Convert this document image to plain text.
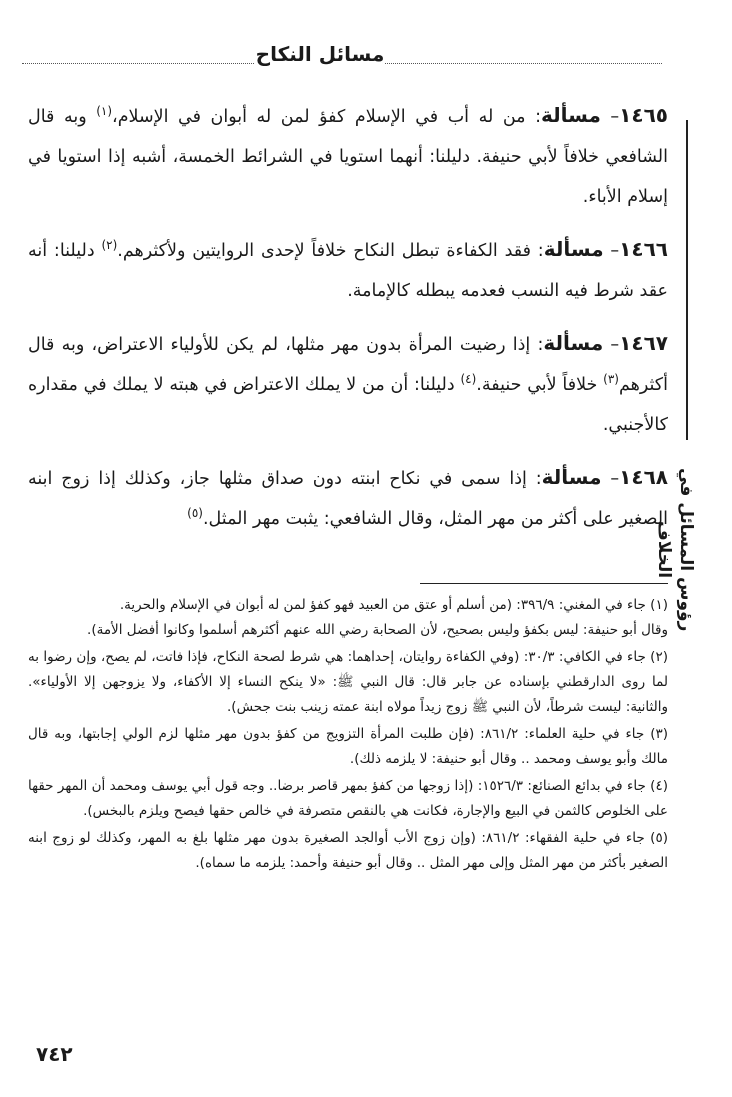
مسائل النكاح
رؤوس المسائل في الخلاف

١٤٦٥– مسألة: من له أب في الإسلام كفؤ لمن له أبوان في الإسلام،$^{(١)}$ وبه قال الشافعي خلافاً لأبي حنيفة. دليلنا: أنهما استويا في الشرائط الخمسة، أشبه إذا استويا في إسلام الأباء.

١٤٦٦– مسألة: فقد الكفاءة تبطل النكاح خلافاً لإحدى الروايتين ولأكثرهم.$^{(٢)}$ دليلنا: أنه عقد شرط فيه النسب فعدمه يبطله كالإمامة.

١٤٦٧– مسألة: إذا رضيت المرأة بدون مهر مثلها، لم يكن للأولياء الاعتراض، وبه قال أكثرهم$^{(٣)}$ خلافاً لأبي حنيفة.$^{(٤)}$ دليلنا: أن من لا يملك الاعتراض في هبته لا يملك في مقداره كالأجنبي.

١٤٦٨– مسألة: إذا سمى في نكاح ابنته دون صداق مثلها جاز، وكذلك إذا زوج ابنه الصغير على أكثر من مهر المثل، وقال الشافعي: يثبت مهر المثل.$^{(٥)}$

(١) جاء في المغني: ٣٩٦/٩: (من أسلم أو عتق من العبيد فهو كفؤ لمن له أبوان في الإسلام والحرية.

وقال أبو حنيفة: ليس بكفؤ وليس بصحيح، لأن الصحابة رضي الله عنهم أكثرهم أسلموا وكانوا أفضل الأمة).

(٢) جاء في الكافي: ٣٠/٣: (وفي الكفاءة روايتان، إحداهما: هي شرط لصحة النكاح، فإذا فاتت، لم يصح، وإن رضوا به لما روى الدارقطني بإسناده عن جابر قال: قال النبي ﷺ: «لا ينكح النساء إلا الأكفاء، ولا يزوجهن إلا الأولياء». والثانية: ليست شرطاً، لأن النبي ﷺ زوج زيداً مولاه ابنة عمته زينب بنت جحش).

(٣) جاء في حلية العلماء: ٨٦١/٢: (فإن طلبت المرأة التزويج من كفؤ بدون مهر مثلها لزم الولي إجابتها، وبه قال مالك وأبو يوسف ومحمد .. وقال أبو حنيفة: لا يلزمه ذلك).

(٤) جاء في بدائع الصنائع: ١٥٢٦/٣: (إذا زوجها من كفؤ بمهر قاصر برضا.. وجه قول أبي يوسف ومحمد أن المهر حقها على الخلوص كالثمن في البيع والإجارة، فكانت هي بالنقص متصرفة في خالص حقها فيصح ويلزم بالبخس).

(٥) جاء في حلية الفقهاء: ٨٦١/٢: (وإن زوج الأب أوالجد الصغيرة بدون مهر مثلها بلغ به المهر، وكذلك لو زوج ابنه الصغير بأكثر من مهر المثل وإلى مهر المثل .. وقال أبو حنيفة وأحمد: يلزمه ما سماه).

٧٤٢
